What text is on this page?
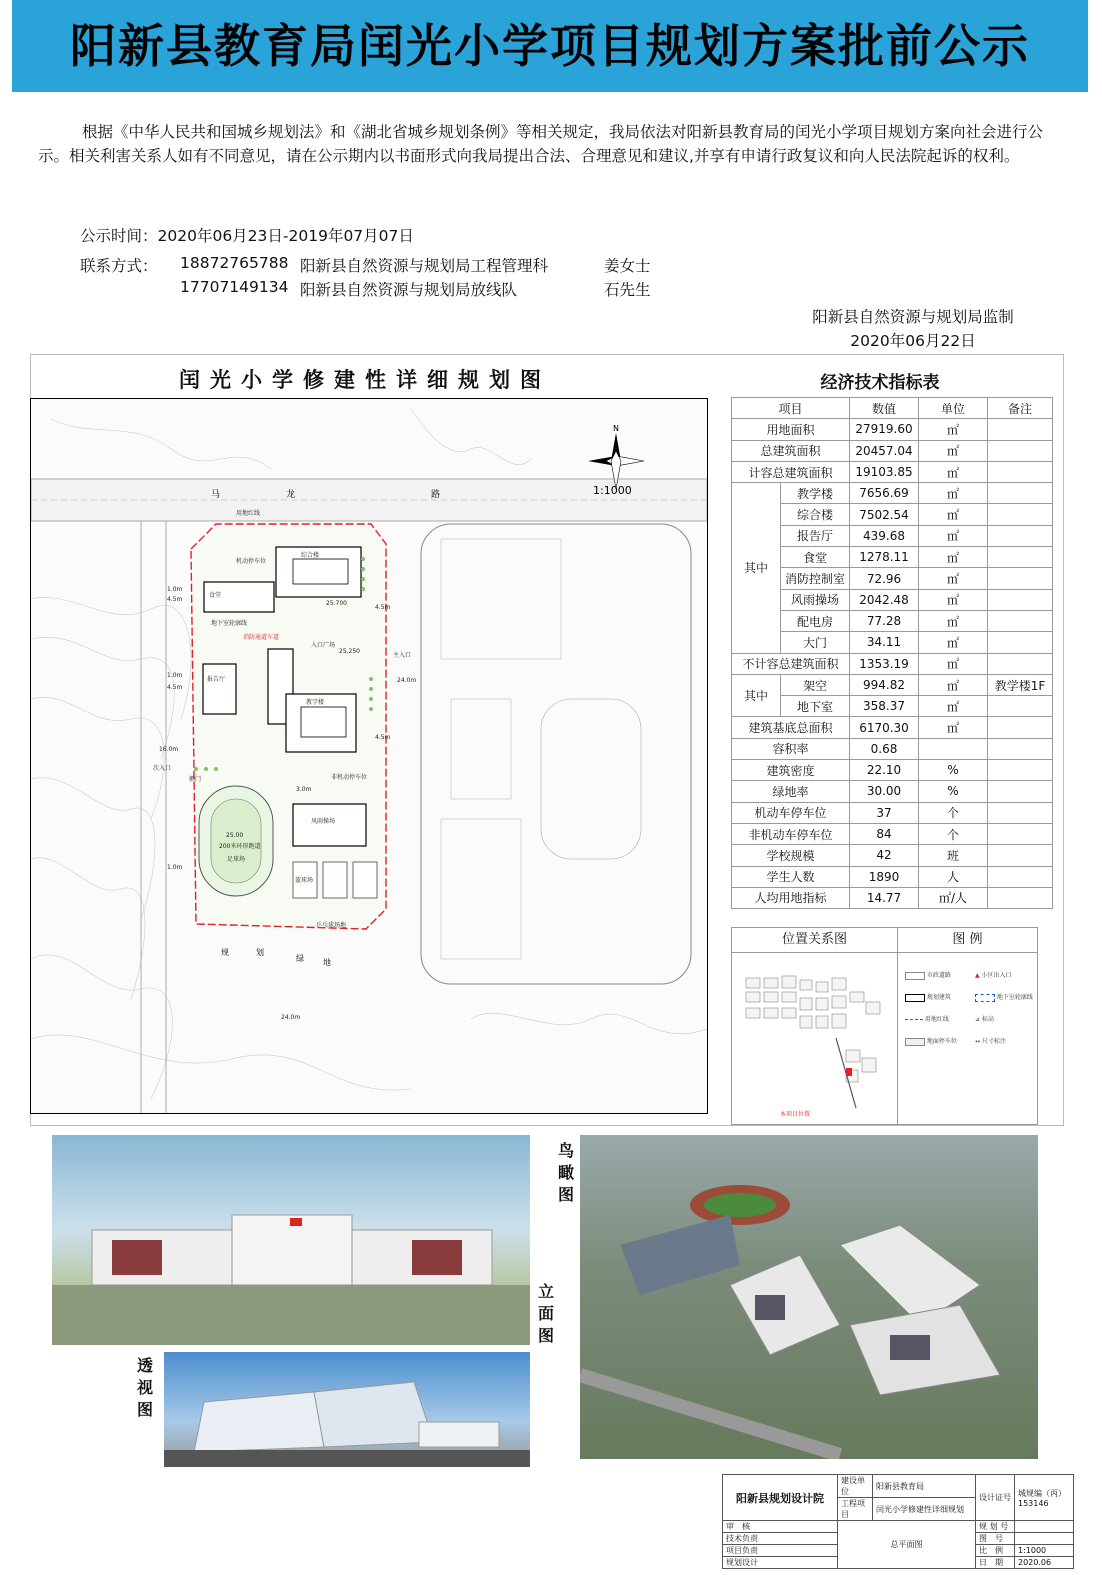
阳新县教育局闰光小学项目规划方案批前公示
根据《中华人民共和国城乡规划法》和《湖北省城乡规划条例》等相关规定，我局依法对阳新县教育局的闰光小学项目规划方案向社会进行公示。相关利害关系人如有不同意见，请在公示期内以书面形式向我局提出合法、合理意见和建议,并享有申请行政复议和向人民法院起诉的权利。
公示时间：2020年06月23日-2019年07月07日
联系方式： 18872765788 阳新县自然资源与规划局工程管理科	姜女士
17707149134 阳新县自然资源与规划局放线队	石先生
阳新县自然资源与规划局监制
2020年06月22日
闰光小学修建性详细规划图
马	龙	路
N
1:1000
用地红线
机动停车位
地下室轮廓线
消防通道车道
入口广场
主入口
次入口
侧门
200米环形跑道
足球场
篮球场
乒乓球场地
非机动停车位
教学楼
综合楼
报告厅
食堂
风雨操场
25.700
25.250
25.00
1.0m
4.5m
1.0m
4.5m
16.0m
1.0m
24.0m
4.5m
3.0m
4.5m
24.0m
规	划
绿 地
经济技术指标表
项目		数值	单位	备注
用地面积		27919.60	㎡	
总建筑面积		20457.04	㎡	
计容总建筑面积		19103.85	㎡	
其中	教学楼	7656.69	㎡	
	综合楼	7502.54	㎡	
	报告厅	439.68	㎡	
	食堂	1278.11	㎡	
	消防控制室	72.96	㎡	
	风雨操场	2042.48	㎡	
	配电房	77.28	㎡	
	大门	34.11	㎡	
不计容总建筑面积		1353.19	㎡	
其中	架空	994.82	㎡	教学楼1F
	地下室	358.37	㎡	
建筑基底总面积		6170.30	㎡	
容积率		0.68		
建筑密度		22.10	%	
绿地率		30.00	%	
机动车停车位		37	个	
非机动车停车位		84	个	
学校规模		42	班	
学生人数		1890	人	
人均用地指标		14.77	㎡/人	
位置关系图	图 例
本项目位置
市政道路	▲ 小区出入口
规划建筑	地下室轮廓线
用地红线	⊿ 标高
地面停车位	↔ 尺寸标注
鸟瞰图
立面图
透视图
阳新县规划设计院	建设单位	阳新县教育局	设计证号	城规编（丙）153146
	工程项目	闰光小学修建性详细规划		
审　核	总平面图		规 划 号	
技术负责			图　号	
项目负责			比　例	1:1000
规划设计			日　期	2020.06
